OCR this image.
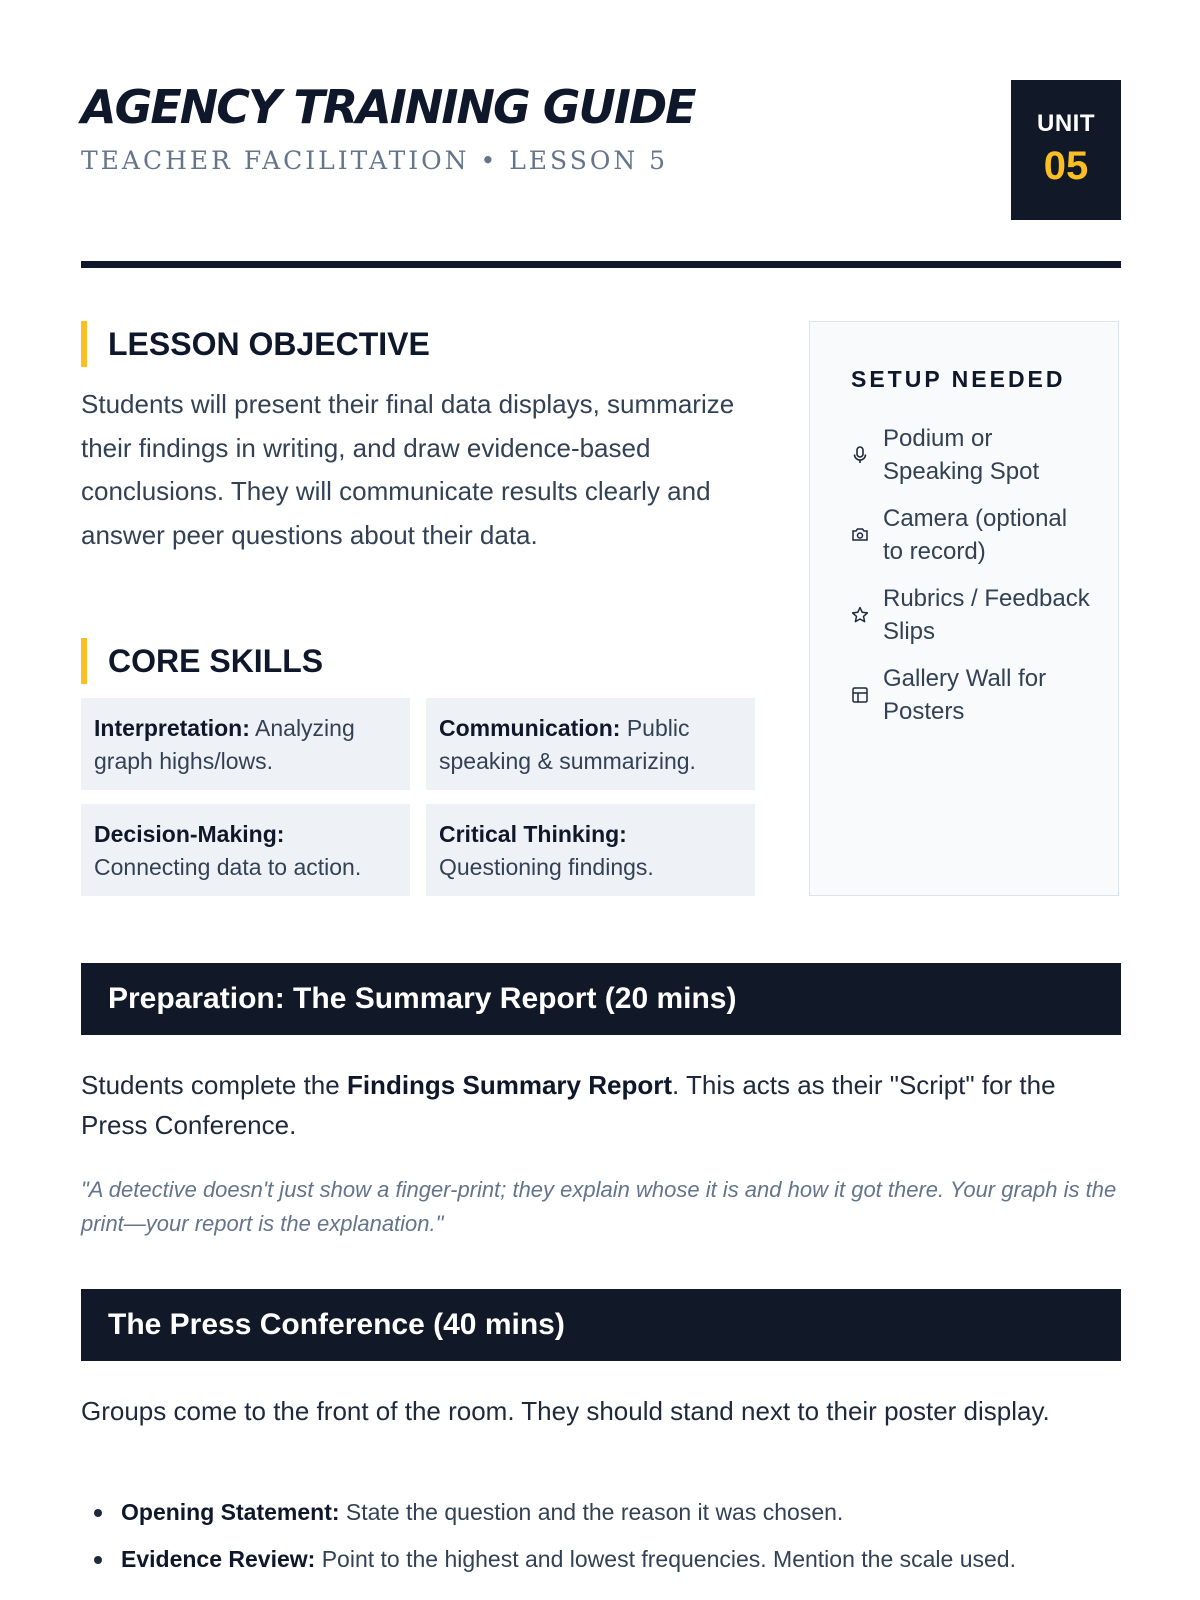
AGENCY TRAINING GUIDE
TEACHER FACILITATION • LESSON 5
UNIT
05
LESSON OBJECTIVE

Students will present their final data displays, summarize their findings in writing, and draw evidence-based conclusions. They will communicate results clearly and answer peer questions about their data.

CORE SKILLS
Interpretation: Analyzing graph highs/lows.
Communication: Public speaking & summarizing.
Decision-Making:
Connecting data to action.
Critical Thinking:
Questioning findings.
SETUP NEEDED
Podium or Speaking Spot
Camera (optional to record)
Rubrics / Feedback Slips
Gallery Wall for Posters
Preparation: The Summary Report (20 mins)

Students complete the Findings Summary Report. This acts as their "Script" for the Press Conference.

"A detective doesn't just show a finger-print; they explain whose it is and how it got there. Your graph is the print—your report is the explanation."

The Press Conference (40 mins)

Groups come to the front of the room. They should stand next to their poster display.

Opening Statement: State the question and the reason it was chosen.
Evidence Review: Point to the highest and lowest frequencies. Mention the scale used.
